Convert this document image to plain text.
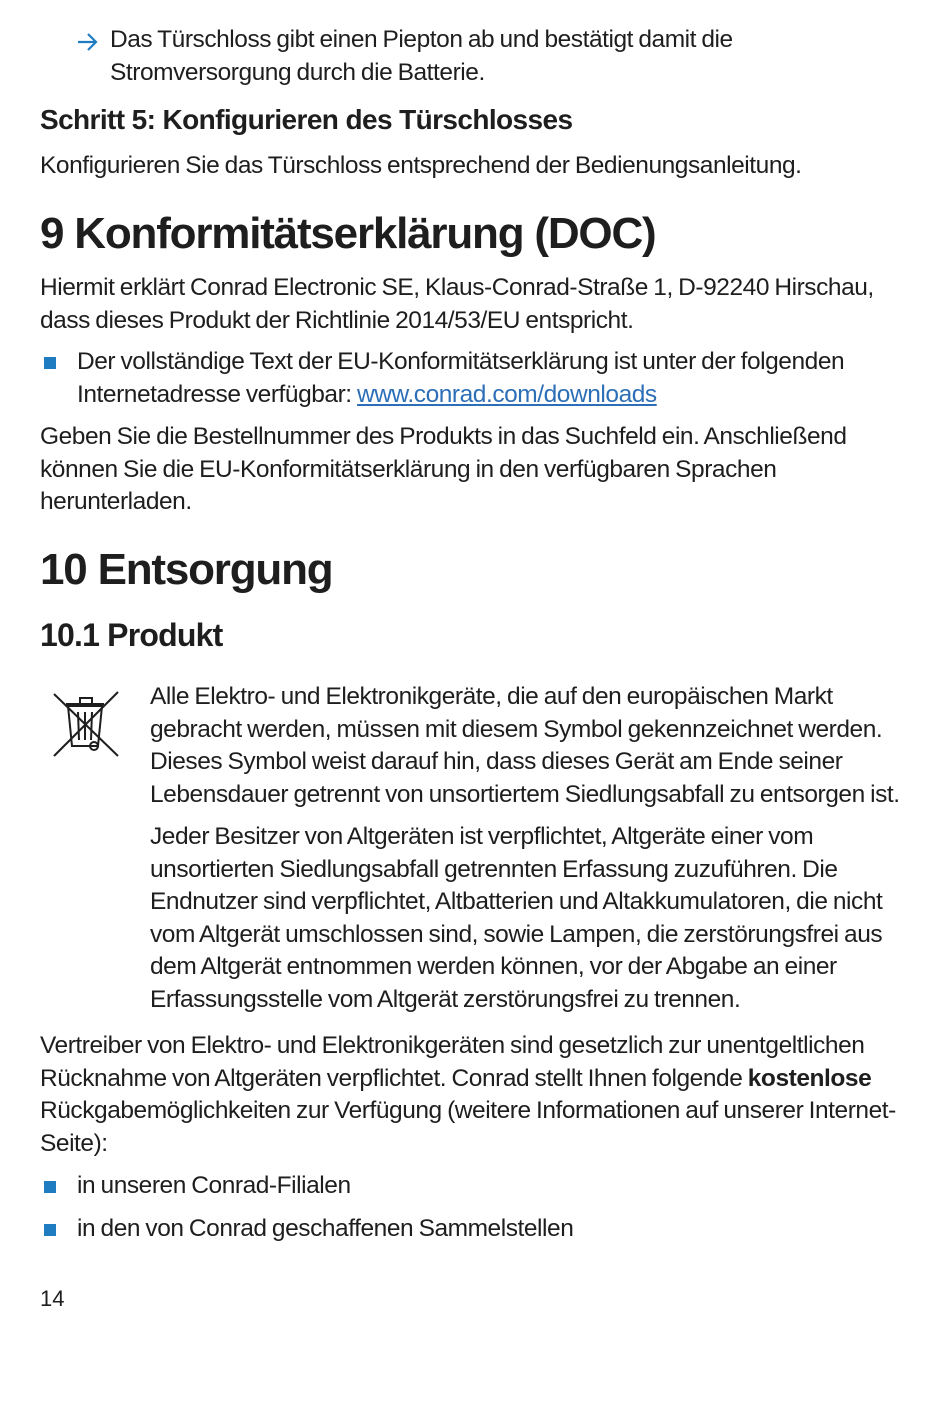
Das Türschloss gibt einen Piepton ab und bestätigt damit die Stromversorgung durch die Batterie.

Schritt 5: Konfigurieren des Türschlosses

Konfigurieren Sie das Türschloss entsprechend der Bedienungsanleitung.

9 Konformitätserklärung (DOC)

Hiermit erklärt Conrad Electronic SE, Klaus-Conrad-Straße 1, D-92240 Hirschau, dass dieses Produkt der Richtlinie 2014/53/EU entspricht.

Der vollständige Text der EU-Konformitätserklärung ist unter der folgenden Internetadresse verfügbar: www.conrad.com/downloads

Geben Sie die Bestellnummer des Produkts in das Suchfeld ein. Anschließend können Sie die EU-Konformitätserklärung in den verfügbaren Sprachen herunterladen.

10 Entsorgung
10.1 Produkt

Alle Elektro- und Elektronikgeräte, die auf den europäischen Markt gebracht werden, müssen mit diesem Symbol gekennzeichnet werden. Dieses Symbol weist darauf hin, dass dieses Gerät am Ende seiner Lebensdauer getrennt von unsortiertem Siedlungsabfall zu entsorgen ist.

Jeder Besitzer von Altgeräten ist verpflichtet, Altgeräte einer vom unsortierten Siedlungsabfall getrennten Erfassung zuzuführen. Die Endnutzer sind verpflichtet, Altbatterien und Altakkumulatoren, die nicht vom Altgerät umschlossen sind, sowie Lampen, die zerstörungsfrei aus dem Altgerät entnommen werden können, vor der Abgabe an einer Erfassungsstelle vom Altgerät zerstörungsfrei zu trennen.

Vertreiber von Elektro- und Elektronikgeräten sind gesetzlich zur unentgeltlichen Rücknahme von Altgeräten verpflichtet. Conrad stellt Ihnen folgende kostenlose Rückgabemöglichkeiten zur Verfügung (weitere Informationen auf unserer Internet-Seite):

in unseren Conrad-Filialen

in den von Conrad geschaffenen Sammelstellen

14
